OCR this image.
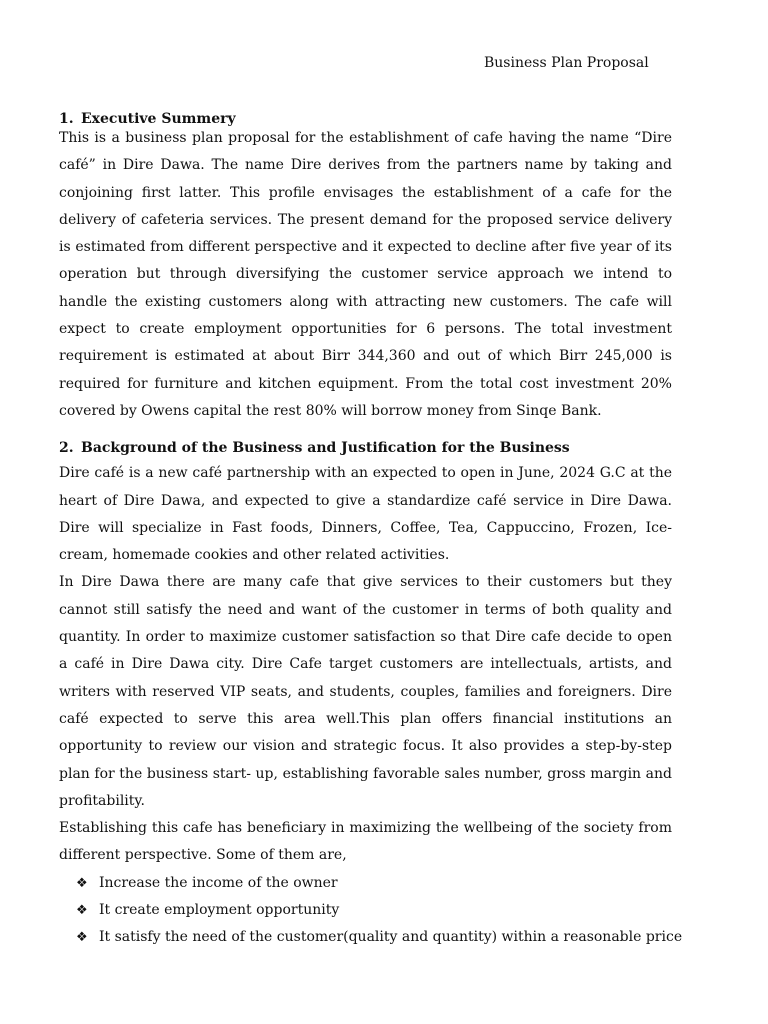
Business Plan Proposal
1. Executive Summery

This is a business plan proposal for the establishment of cafe having the name “Dire café” in Dire Dawa. The name Dire derives from the partners name by taking and conjoining first latter. This profile envisages the establishment of a cafe for the delivery of cafeteria services. The present demand for the proposed service delivery is estimated from different perspective and it expected to decline after five year of its operation but through diversifying the customer service approach we intend to handle the existing customers along with attracting new customers. The cafe will expect to create employment opportunities for 6 persons. The total investment requirement is estimated at about Birr 344,360 and out of which Birr 245,000 is required for furniture and kitchen equipment. From the total cost investment 20% covered by Owens capital the rest 80% will borrow money from Sinqe Bank.

2. Background of the Business and Justification for the Business

Dire café is a new café partnership with an expected to open in June, 2024 G.C at the heart of Dire Dawa, and expected to give a standardize café service in Dire Dawa. Dire will specialize in Fast foods, Dinners, Coffee, Tea, Cappuccino, Frozen, Ice-cream, homemade cookies and other related activities.

In Dire Dawa there are many cafe that give services to their customers but they cannot still satisfy the need and want of the customer in terms of both quality and quantity. In order to maximize customer satisfaction so that Dire cafe decide to open a café in Dire Dawa city. Dire Cafe target customers are intellectuals, artists, and writers with reserved VIP seats, and students, couples, families and foreigners. Dire café expected to serve this area well.This plan offers financial institutions an opportunity to review our vision and strategic focus. It also provides a step-by-step plan for the business start- up, establishing favorable sales number, gross margin and profitability.

Establishing this cafe has beneficiary in maximizing the wellbeing of the society from different perspective. Some of them are,

❖ Increase the income of the owner
❖ It create employment opportunity
❖ It satisfy the need of the customer(quality and quantity) within a reasonable price
